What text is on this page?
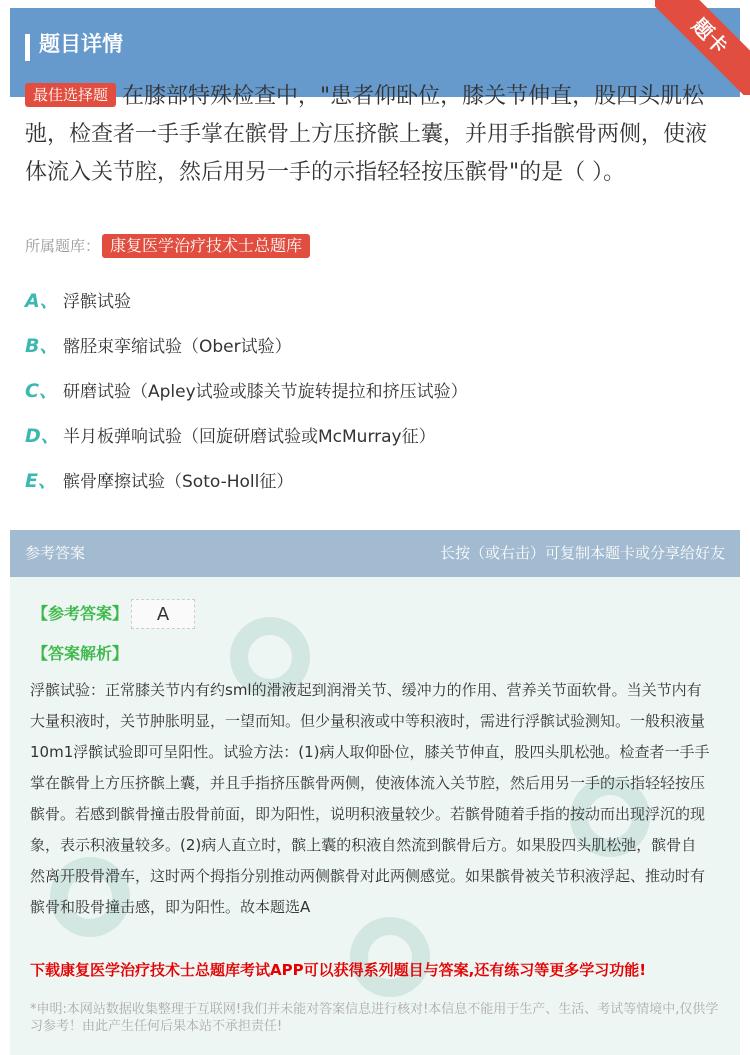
题目详情	题卡
最佳选择题 在膝部特殊检查中，"患者仰卧位，膝关节伸直，股四头肌松弛，检查者一手手掌在髌骨上方压挤髌上囊，并用手指髌骨两侧，使液体流入关节腔，然后用另一手的示指轻轻按压髌骨"的是（ ）。
所属题库： 康复医学治疗技术士总题库
A、 浮髌试验
B、 髂胫束挛缩试验（Ober试验）
C、 研磨试验（Apley试验或膝关节旋转提拉和挤压试验）
D、 半月板弹响试验（回旋研磨试验或McMurray征）
E、 髌骨摩擦试验（Soto-Holl征）
参考答案	长按（或右击）可复制本题卡或分享给好友
【参考答案】	A
【答案解析】
浮髌试验：正常膝关节内有约sml的滑液起到润滑关节、缓冲力的作用、营养关节面软骨。当关节内有大量积液时，关节肿胀明显，一望而知。但少量积液或中等积液时，需进行浮髌试验测知。一般积液量10m1浮髌试验即可呈阳性。试验方法：(1)病人取仰卧位，膝关节伸直，股四头肌松弛。检查者一手手掌在髌骨上方压挤髌上囊，并且手指挤压髌骨两侧，使液体流入关节腔，然后用另一手的示指轻轻按压髌骨。若感到髌骨撞击股骨前面，即为阳性，说明积液量较少。若髌骨随着手指的按动而出现浮沉的现象，表示积液量较多。(2)病人直立时，髌上囊的积液自然流到髌骨后方。如果股四头肌松弛，髌骨自然离开股骨滑车，这时两个拇指分别推动两侧髌骨对此两侧感觉。如果髌骨被关节积液浮起、推动时有髌骨和股骨撞击感，即为阳性。故本题选A
下载康复医学治疗技术士总题库考试APP可以获得系列题目与答案,还有练习等更多学习功能!
*申明:本网站数据收集整理于互联网!我们并未能对答案信息进行核对!本信息不能用于生产、生活、考试等情境中,仅供学习参考！由此产生任何后果本站不承担责任!
